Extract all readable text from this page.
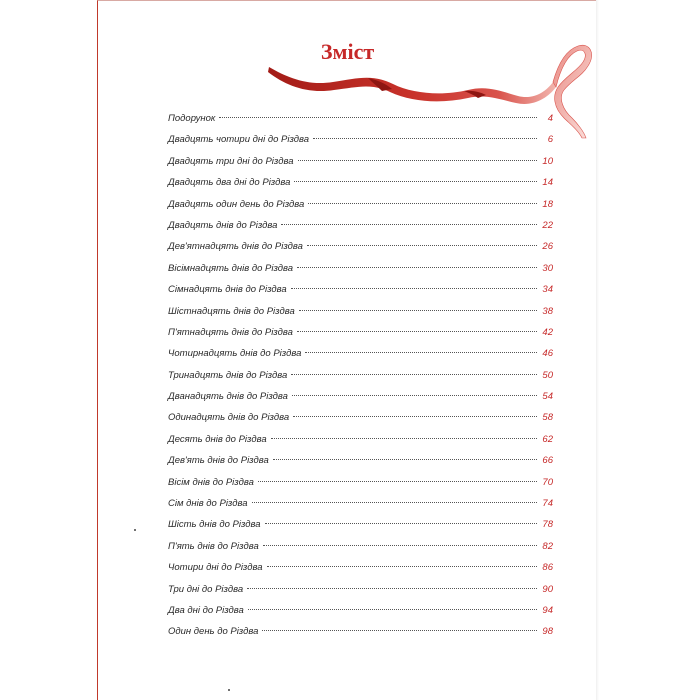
Зміст
Подорунок	4
Двадцять чотири дні до Різдва	6
Двадцять три дні до Різдва	10
Двадцять два дні до Різдва	14
Двадцять один день до Різдва	18
Двадцять днів до Різдва	22
Дев'ятнадцять днів до Різдва	26
Вісімнадцять днів до Різдва	30
Сімнадцять днів до Різдва	34
Шістнадцять днів до Різдва	38
П'ятнадцять днів до Різдва	42
Чотирнадцять днів до Різдва	46
Тринадцять днів до Різдва	50
Дванадцять днів до Різдва	54
Одинадцять днів до Різдва	58
Десять днів до Різдва	62
Дев'ять днів до Різдва	66
Вісім днів до Різдва	70
Сім днів до Різдва	74
Шість днів до Різдва	78
П'ять днів до Різдва	82
Чотири дні до Різдва	86
Три дні до Різдва	90
Два дні до Різдва	94
Один день до Різдва	98
